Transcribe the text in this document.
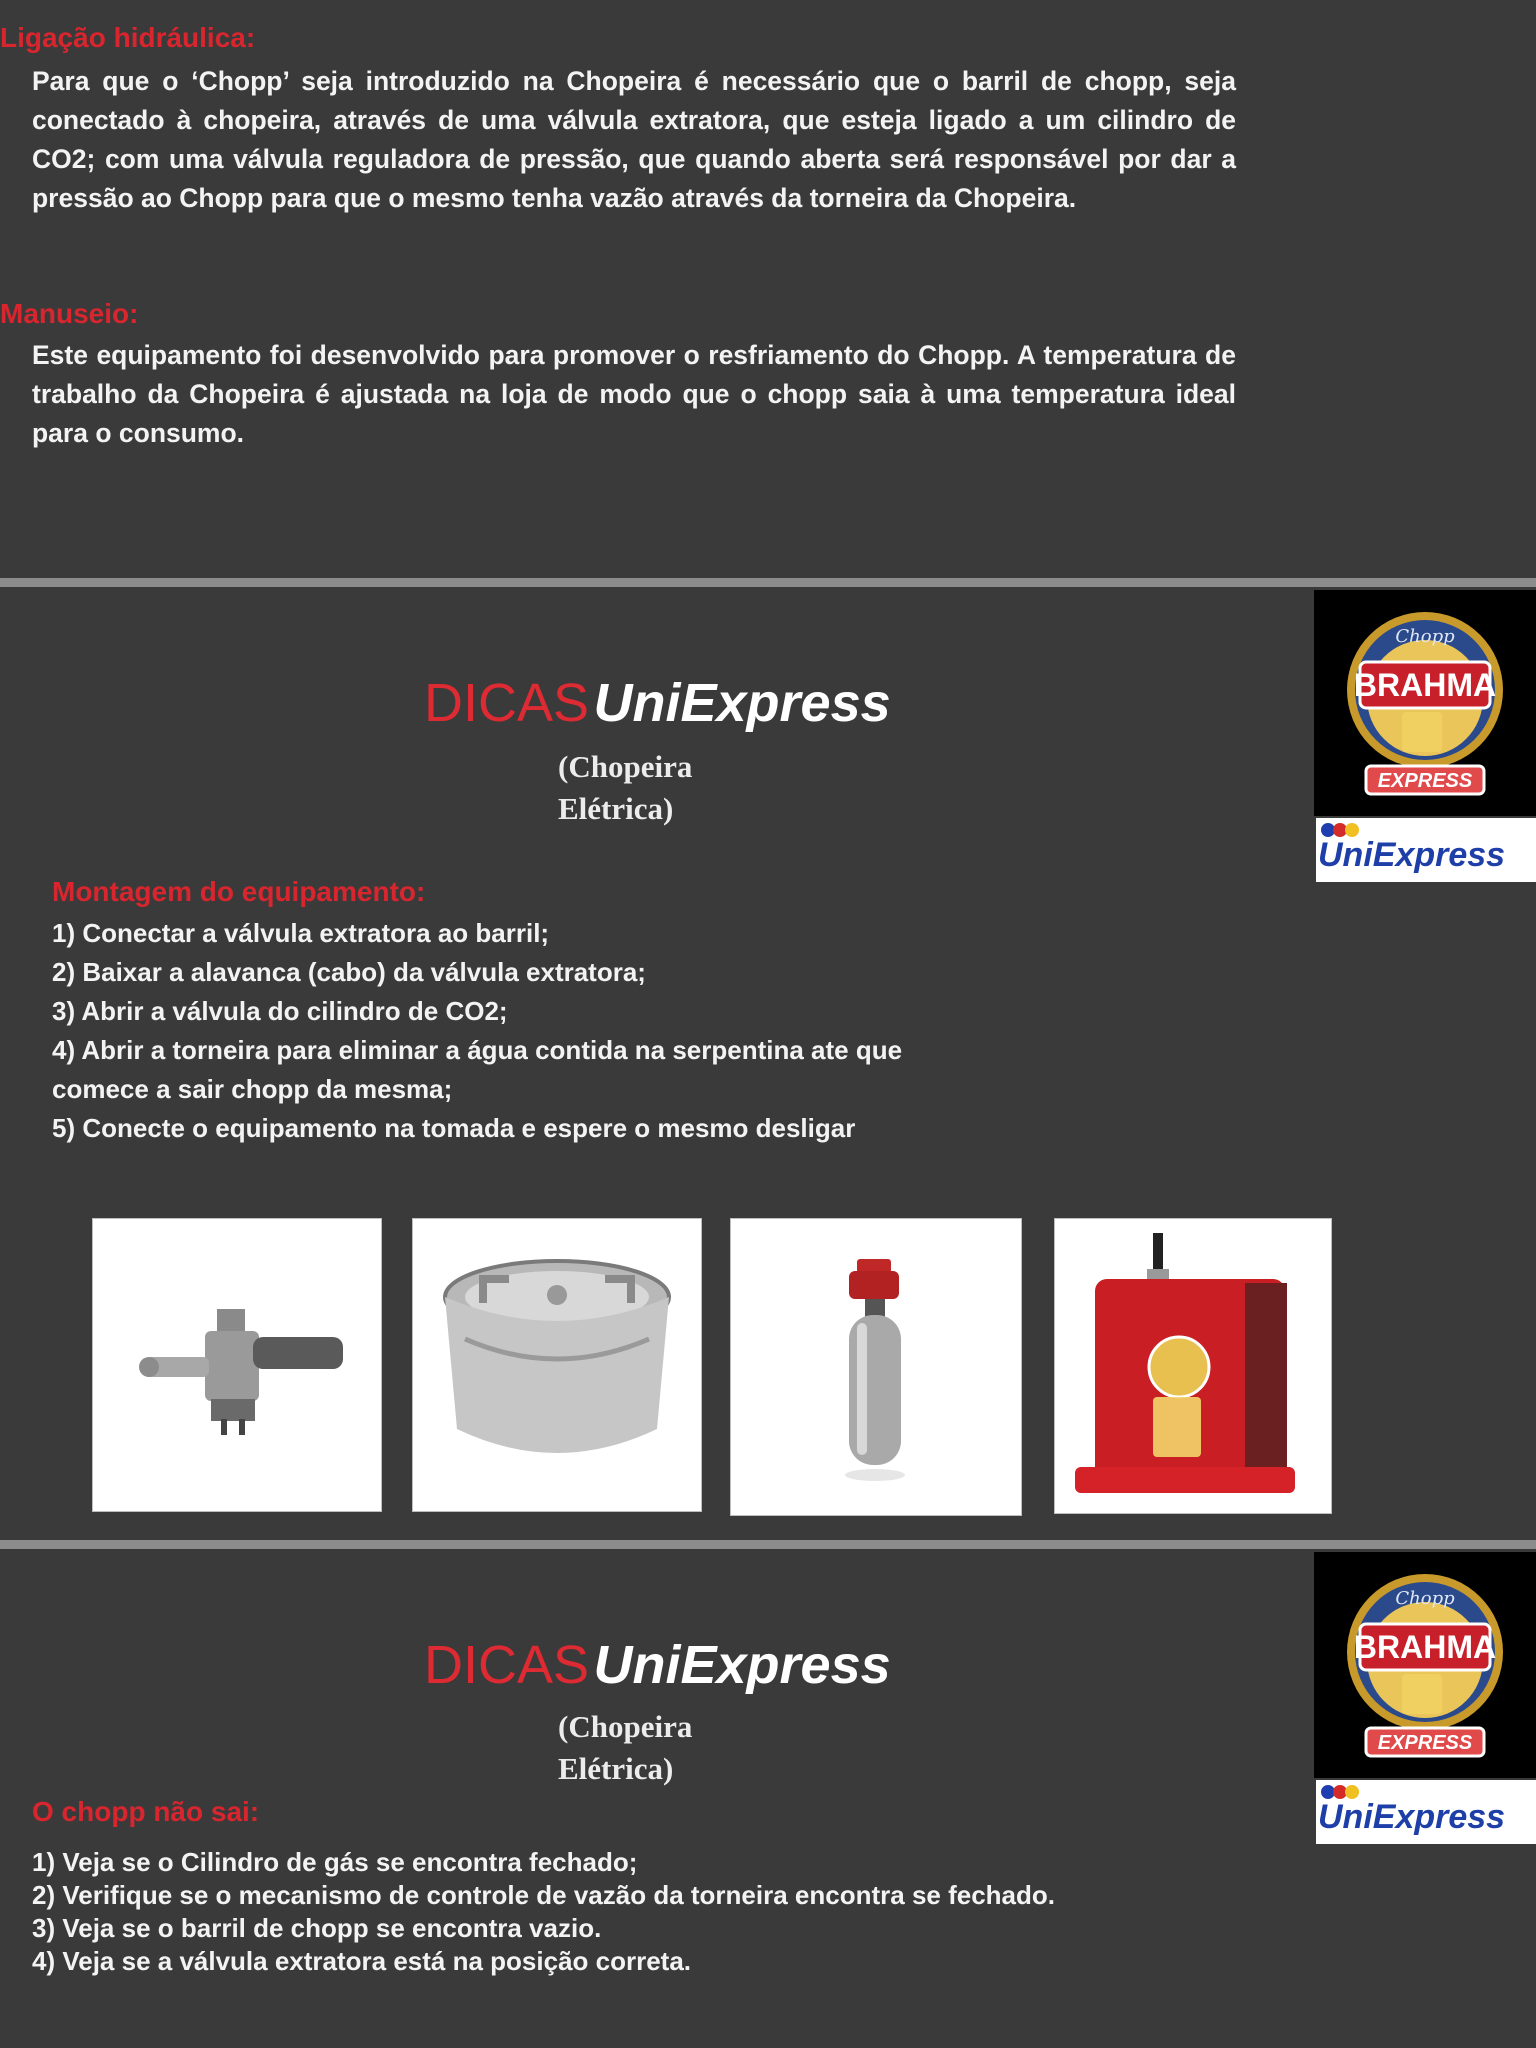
Ligação hidráulica:
Para que o ‘Chopp’ seja introduzido na Chopeira é necessário que o barril de chopp, seja conectado à chopeira, através de uma válvula extratora, que esteja ligado a um cilindro de CO2; com uma válvula reguladora de pressão, que quando aberta será responsável por dar a pressão ao Chopp para que o mesmo tenha vazão através da torneira da Chopeira.
Manuseio:
Este equipamento foi desenvolvido para promover o resfriamento do Chopp. A temperatura de trabalho da Chopeira é ajustada na loja de modo que o chopp saia à uma temperatura ideal para o consumo.
DICAS UniExpress
(Chopeira
Elétrica)
Chopp
BRAHMA
EXPRESS
UniExpress
Montagem do equipamento:
1) Conectar a válvula extratora ao barril;
2) Baixar a alavanca (cabo) da válvula extratora;
3) Abrir a válvula do cilindro de CO2;
4) Abrir a torneira para eliminar a água contida na serpentina ate que
comece a sair chopp da mesma;
5) Conecte o equipamento na tomada e espere o mesmo desligar
DICAS UniExpress
(Chopeira
Elétrica)
Chopp
BRAHMA
EXPRESS
UniExpress
O chopp não sai:
1) Veja se o Cilindro de gás se encontra fechado;
2) Verifique se o mecanismo de controle de vazão da torneira encontra se fechado.
3) Veja se o barril de chopp se encontra vazio.
4) Veja se a válvula extratora está na posição correta.
